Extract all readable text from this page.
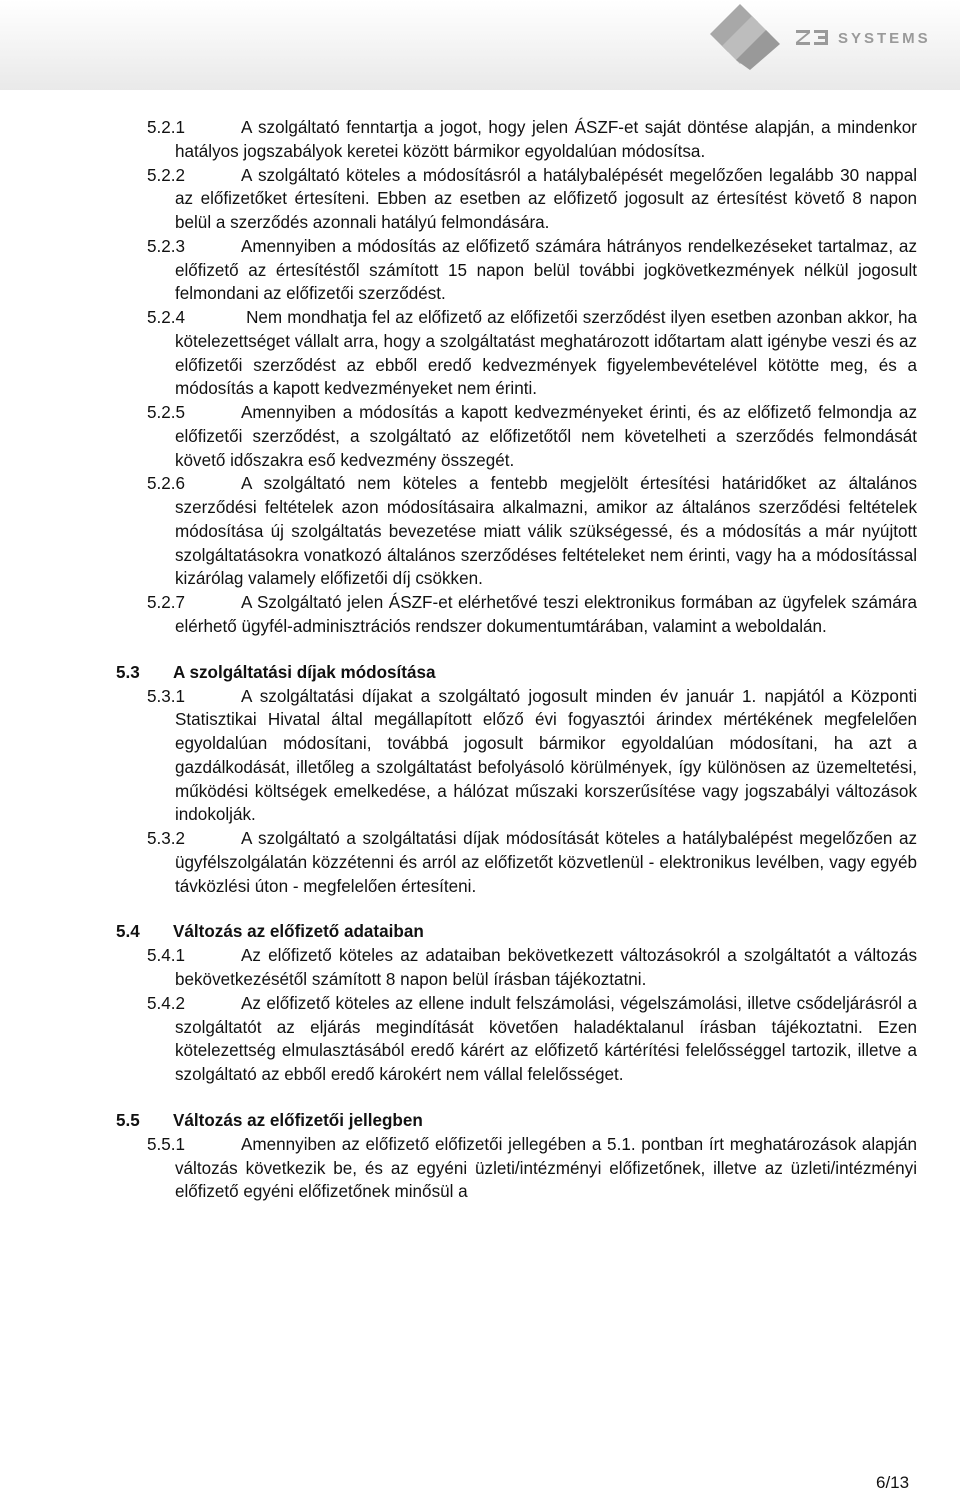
SYSTEMS
5.2.1	A szolgáltató fenntartja a jogot, hogy jelen ÁSZF-et saját döntése alapján, a mindenkor hatályos jogszabályok keretei között bármikor egyoldalúan módosítsa.
5.2.2	A szolgáltató köteles a módosításról a hatálybalépését megelőzően legalább 30 nappal az előfizetőket értesíteni. Ebben az esetben az előfizető jogosult az értesítést követő 8 napon belül a szerződés azonnali hatályú felmondására.
5.2.3	Amennyiben a módosítás az előfizető számára hátrányos rendelkezéseket tartalmaz, az előfizető az értesítéstől számított 15 napon belül további jogkövetkezmények nélkül jogosult felmondani az előfizetői szerződést.
5.2.4	Nem mondhatja fel az előfizető az előfizetői szerződést ilyen esetben azonban akkor, ha kötelezettséget vállalt arra, hogy a szolgáltatást meghatározott időtartam alatt igénybe veszi és az előfizetői szerződést az ebből eredő kedvezmények figyelembevételével kötötte meg, és a módosítás a kapott kedvezményeket nem érinti.
5.2.5	Amennyiben a módosítás a kapott kedvezményeket érinti, és az előfizető felmondja az előfizetői szerződést, a szolgáltató az előfizetőtől nem követelheti a szerződés felmondását követő időszakra eső kedvezmény összegét.
5.2.6	A szolgáltató nem köteles a fentebb megjelölt értesítési határidőket az általános szerződési feltételek azon módosításaira alkalmazni, amikor az általános szerződési feltételek módosítása új szolgáltatás bevezetése miatt válik szükségessé, és a módosítás a már nyújtott szolgáltatásokra vonatkozó általános szerződéses feltételeket nem érinti, vagy ha a módosítással kizárólag valamely előfizetői díj csökken.
5.2.7	A Szolgáltató jelen ÁSZF-et elérhetővé teszi elektronikus formában az ügyfelek számára elérhető ügyfél-adminisztrációs rendszer dokumentumtárában, valamint a weboldalán.
5.3 A szolgáltatási díjak módosítása
5.3.1	A szolgáltatási díjakat a szolgáltató jogosult minden év január 1. napjától a Központi Statisztikai Hivatal által megállapított előző évi fogyasztói árindex mértékének megfelelően egyoldalúan módosítani, továbbá jogosult bármikor egyoldalúan módosítani, ha azt a gazdálkodását, illetőleg a szolgáltatást befolyásoló körülmények, így különösen az üzemeltetési, működési költségek emelkedése, a hálózat műszaki korszerűsítése vagy jogszabályi változások indokolják.
5.3.2	A szolgáltató a szolgáltatási díjak módosítását köteles a hatálybalépést megelőzően az ügyfélszolgálatán közzétenni és arról az előfizetőt közvetlenül - elektronikus levélben, vagy egyéb távközlési úton - megfelelően értesíteni.
5.4 Változás az előfizető adataiban
5.4.1	Az előfizető köteles az adataiban bekövetkezett változásokról a szolgáltatót a változás bekövetkezésétől számított 8 napon belül írásban tájékoztatni.
5.4.2	Az előfizető köteles az ellene indult felszámolási, végelszámolási, illetve csődeljárásról a szolgáltatót az eljárás megindítását követően haladéktalanul írásban tájékoztatni. Ezen kötelezettség elmulasztásából eredő kárért az előfizető kártérítési felelősséggel tartozik, illetve a szolgáltató az ebből eredő károkért nem vállal felelősséget.
5.5 Változás az előfizetői jellegben
5.5.1	Amennyiben az előfizető előfizetői jellegében a 5.1. pontban írt meghatározások alapján változás következik be, és az egyéni üzleti/intézményi előfizetőnek, illetve az üzleti/intézményi előfizető egyéni előfizetőnek minősül a
6/13
